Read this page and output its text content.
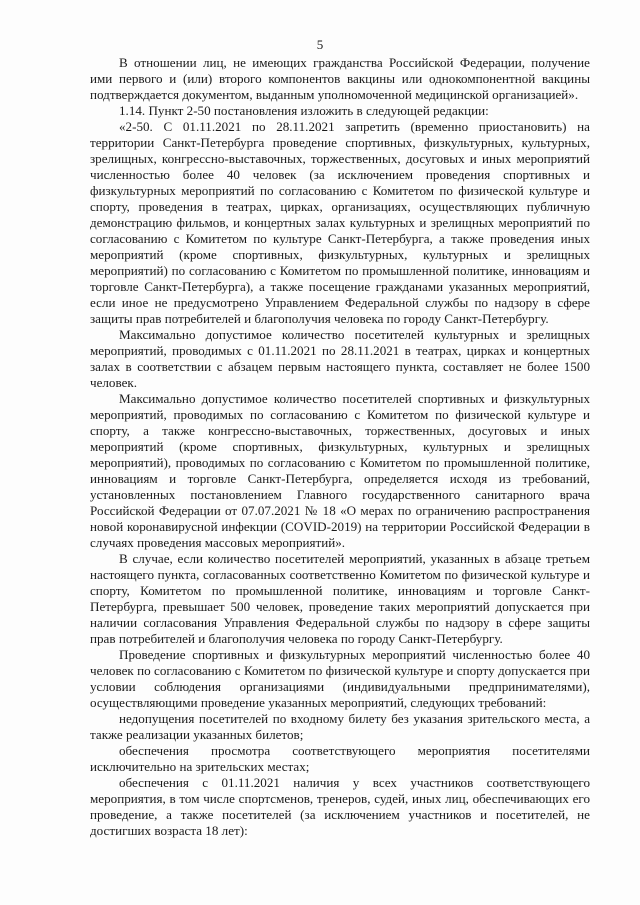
5

В отношении лиц, не имеющих гражданства Российской Федерации, получение ими первого и (или) второго компонентов вакцины или однокомпонентной вакцины подтверждается документом, выданным уполномоченной медицинской организацией».

1.14. Пункт 2-50 постановления изложить в следующей редакции:

«2-50. С 01.11.2021 по 28.11.2021 запретить (временно приостановить) на территории Санкт-Петербурга проведение спортивных, физкультурных, культурных, зрелищных, конгрессно-выставочных, торжественных, досуговых и иных мероприятий численностью более 40 человек (за исключением проведения спортивных и физкультурных мероприятий по согласованию с Комитетом по физической культуре и спорту, проведения в театрах, цирках, организациях, осуществляющих публичную демонстрацию фильмов, и концертных залах культурных и зрелищных мероприятий по согласованию с Комитетом по культуре Санкт-Петербурга, а также проведения иных мероприятий (кроме спортивных, физкультурных, культурных и зрелищных мероприятий) по согласованию с Комитетом по промышленной политике, инновациям и торговле Санкт-Петербурга), а также посещение гражданами указанных мероприятий, если иное не предусмотрено Управлением Федеральной службы по надзору в сфере защиты прав потребителей и благополучия человека по городу Санкт-Петербургу.

Максимально допустимое количество посетителей культурных и зрелищных мероприятий, проводимых с 01.11.2021 по 28.11.2021 в театрах, цирках и концертных залах в соответствии с абзацем первым настоящего пункта, составляет не более 1500 человек.

Максимально допустимое количество посетителей спортивных и физкультурных мероприятий, проводимых по согласованию с Комитетом по физической культуре и спорту, а также конгрессно-выставочных, торжественных, досуговых и иных мероприятий (кроме спортивных, физкультурных, культурных и зрелищных мероприятий), проводимых по согласованию с Комитетом по промышленной политике, инновациям и торговле Санкт-Петербурга, определяется исходя из требований, установленных постановлением Главного государственного санитарного врача Российской Федерации от 07.07.2021 № 18 «О мерах по ограничению распространения новой коронавирусной инфекции (COVID-2019) на территории Российской Федерации в случаях проведения массовых мероприятий».

В случае, если количество посетителей мероприятий, указанных в абзаце третьем настоящего пункта, согласованных соответственно Комитетом по физической культуре и спорту, Комитетом по промышленной политике, инновациям и торговле Санкт-Петербурга, превышает 500 человек, проведение таких мероприятий допускается при наличии согласования Управления Федеральной службы по надзору в сфере защиты прав потребителей и благополучия человека по городу Санкт-Петербургу.

Проведение спортивных и физкультурных мероприятий численностью более 40 человек по согласованию с Комитетом по физической культуре и спорту допускается при условии соблюдения организациями (индивидуальными предпринимателями), осуществляющими проведение указанных мероприятий, следующих требований:

недопущения посетителей по входному билету без указания зрительского места, а также реализации указанных билетов;

обеспечения просмотра соответствующего мероприятия посетителями исключительно на зрительских местах;

обеспечения с 01.11.2021 наличия у всех участников соответствующего мероприятия, в том числе спортсменов, тренеров, судей, иных лиц, обеспечивающих его проведение, а также посетителей (за исключением участников и посетителей, не достигших возраста 18 лет):
